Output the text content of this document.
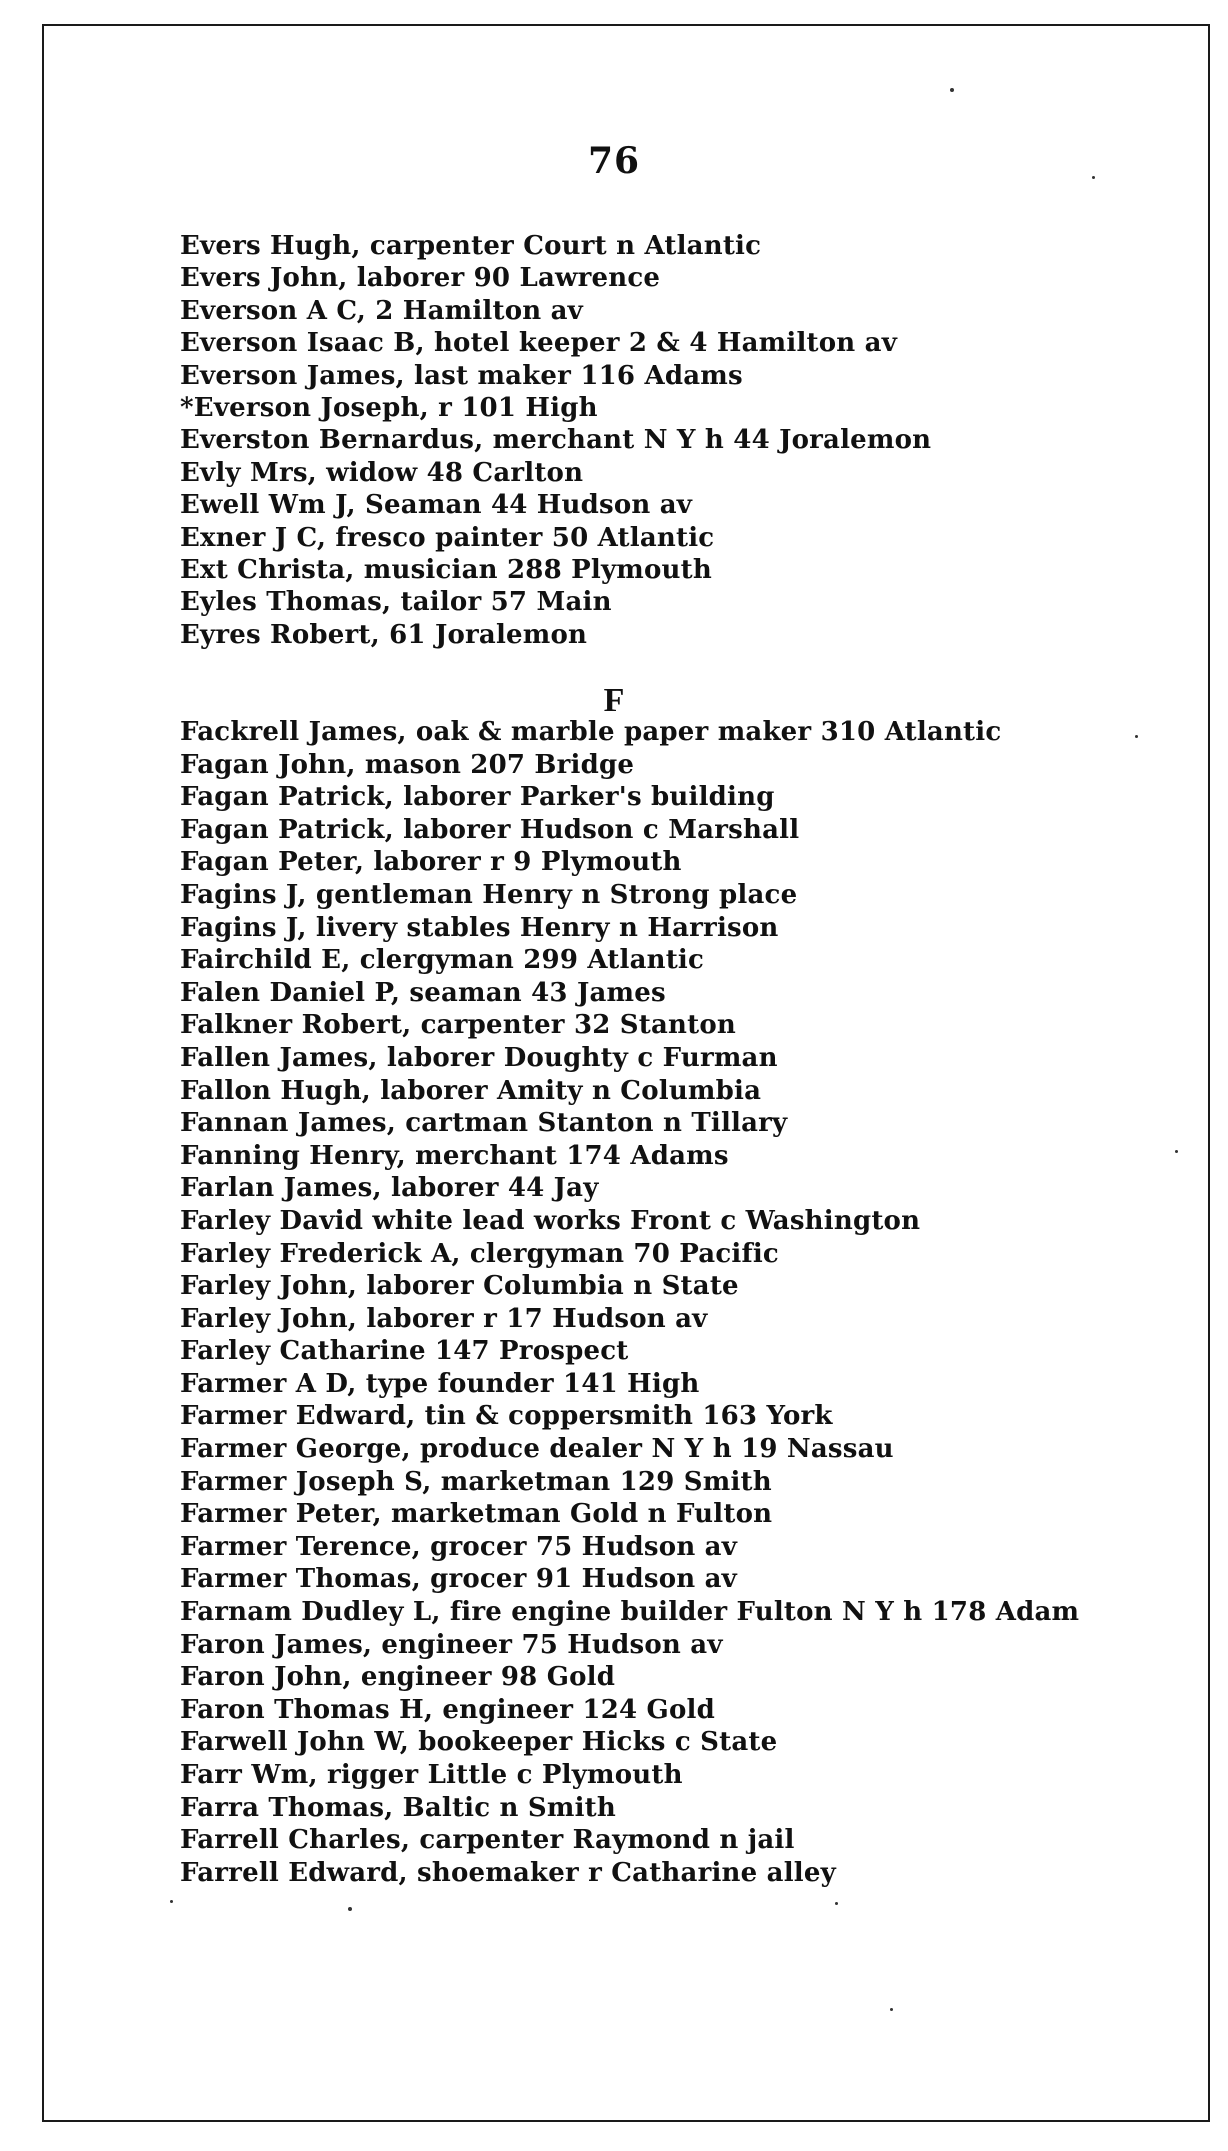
76
Evers Hugh, carpenter Court n Atlantic
Evers John, laborer 90 Lawrence
Everson A C, 2 Hamilton av
Everson Isaac B, hotel keeper 2 & 4 Hamilton av
Everson James, last maker 116 Adams
*Everson Joseph, r 101 High
Everston Bernardus, merchant N Y h 44 Joralemon
Evly Mrs, widow 48 Carlton
Ewell Wm J, Seaman 44 Hudson av
Exner J C, fresco painter 50 Atlantic
Ext Christa, musician 288 Plymouth
Eyles Thomas, tailor 57 Main
Eyres Robert, 61 Joralemon
F
Fackrell James, oak & marble paper maker 310 Atlantic
Fagan John, mason 207 Bridge
Fagan Patrick, laborer Parker's building
Fagan Patrick, laborer Hudson c Marshall
Fagan Peter, laborer r 9 Plymouth
Fagins J, gentleman Henry n Strong place
Fagins J, livery stables Henry n Harrison
Fairchild E, clergyman 299 Atlantic
Falen Daniel P, seaman 43 James
Falkner Robert, carpenter 32 Stanton
Fallen James, laborer Doughty c Furman
Fallon Hugh, laborer Amity n Columbia
Fannan James, cartman Stanton n Tillary
Fanning Henry, merchant 174 Adams
Farlan James, laborer 44 Jay
Farley David white lead works Front c Washington
Farley Frederick A, clergyman 70 Pacific
Farley John, laborer Columbia n State
Farley John, laborer r 17 Hudson av
Farley Catharine 147 Prospect
Farmer A D, type founder 141 High
Farmer Edward, tin & coppersmith 163 York
Farmer George, produce dealer N Y h 19 Nassau
Farmer Joseph S, marketman 129 Smith
Farmer Peter, marketman Gold n Fulton
Farmer Terence, grocer 75 Hudson av
Farmer Thomas, grocer 91 Hudson av
Farnam Dudley L, fire engine builder Fulton N Y h 178 Adam
Faron James, engineer 75 Hudson av
Faron John, engineer 98 Gold
Faron Thomas H, engineer 124 Gold
Farwell John W, bookeeper Hicks c State
Farr Wm, rigger Little c Plymouth
Farra Thomas, Baltic n Smith
Farrell Charles, carpenter Raymond n jail
Farrell Edward, shoemaker r Catharine alley
